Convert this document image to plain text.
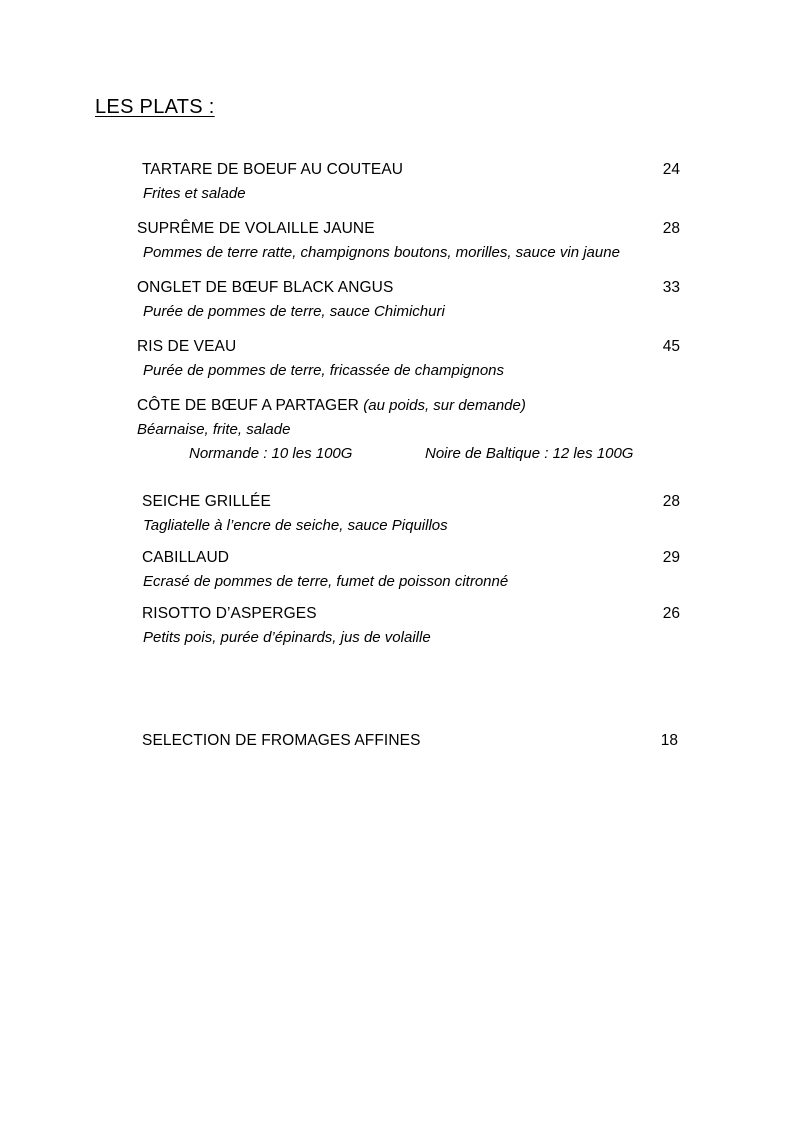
LES PLATS :
TARTARE DE BOEUF AU COUTEAU	24
Frites et salade
SUPRÊME DE VOLAILLE JAUNE	28
Pommes de terre ratte, champignons boutons, morilles, sauce vin jaune
ONGLET DE BŒUF BLACK ANGUS	33
Purée de pommes de terre, sauce Chimichuri
RIS DE VEAU	45
Purée de pommes de terre, fricassée de champignons
CÔTE DE BŒUF A PARTAGER (au poids, sur demande)
Béarnaise, frite, salade
Normande : 10 les 100G	Noire de Baltique : 12 les 100G
SEICHE GRILLÉE	28
Tagliatelle à l’encre de seiche, sauce Piquillos
CABILLAUD	29
Ecrasé de pommes de terre, fumet de poisson citronné
RISOTTO D’ASPERGES	26
Petits pois, purée d’épinards, jus de volaille
SELECTION DE FROMAGES AFFINES	18
